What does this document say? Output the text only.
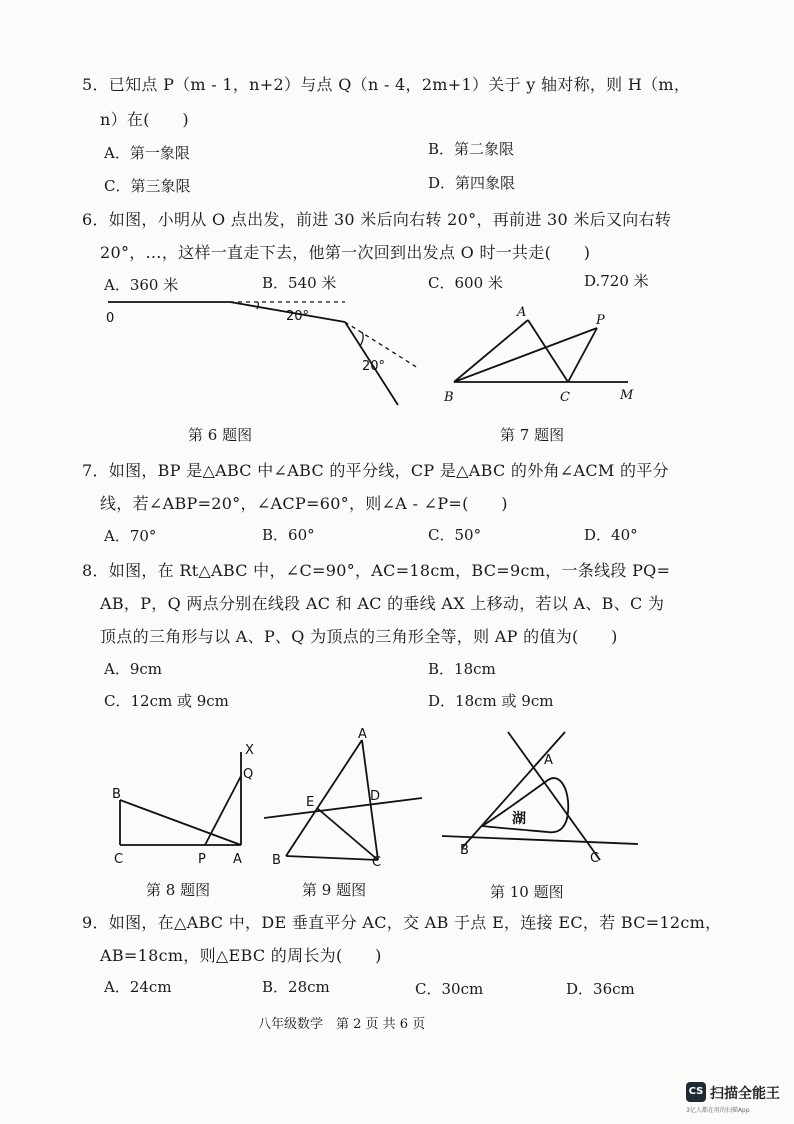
5．已知点 P（m - 1，n+2）与点 Q（n - 4，2m+1）关于 y 轴对称，则 H（m，
n）在(　　)
A．第一象限	B．第二象限
C．第三象限	D．第四象限
6．如图，小明从 O 点出发，前进 30 米后向右转 20°，再前进 30 米后又向右转
20°，…，这样一直走下去，他第一次回到出发点 O 时一共走(　　)
A．360 米	B．540 米	C．600 米	D.720 米
0	20°
20°
第 6 题图
A
P
B	C	M
第 7 题图
7．如图，BP 是△ABC 中∠ABC 的平分线，CP 是△ABC 的外角∠ACM 的平分
线，若∠ABP=20°，∠ACP=60°，则∠A - ∠P=(　　)
A．70°	B．60°	C．50°	D．40°
8．如图，在 Rt△ABC 中，∠C=90°，AC=18cm，BC=9cm，一条线段 PQ=
AB，P，Q 两点分别在线段 AC 和 AC 的垂线 AX 上移动，若以 A、B、C 为
顶点的三角形与以 A、P、Q 为顶点的三角形全等，则 AP 的值为(　　)
A．9cm	B．18cm
C．12cm 或 9cm	D．18cm 或 9cm
X
Q
B
C	P A
第 8 题图
A
E	D
B	C
第 9 题图
A
B
C
湖
第 10 题图
9．如图，在△ABC 中，DE 垂直平分 AC，交 AB 于点 E，连接 EC，若 BC=12cm，
AB=18cm，则△EBC 的周长为(　　)
A．24cm	B．28cm	C．30cm	D．36cm
八年级数学　第 2 页 共 6 页
CS 扫描全能王
3亿人都在用的扫描App
